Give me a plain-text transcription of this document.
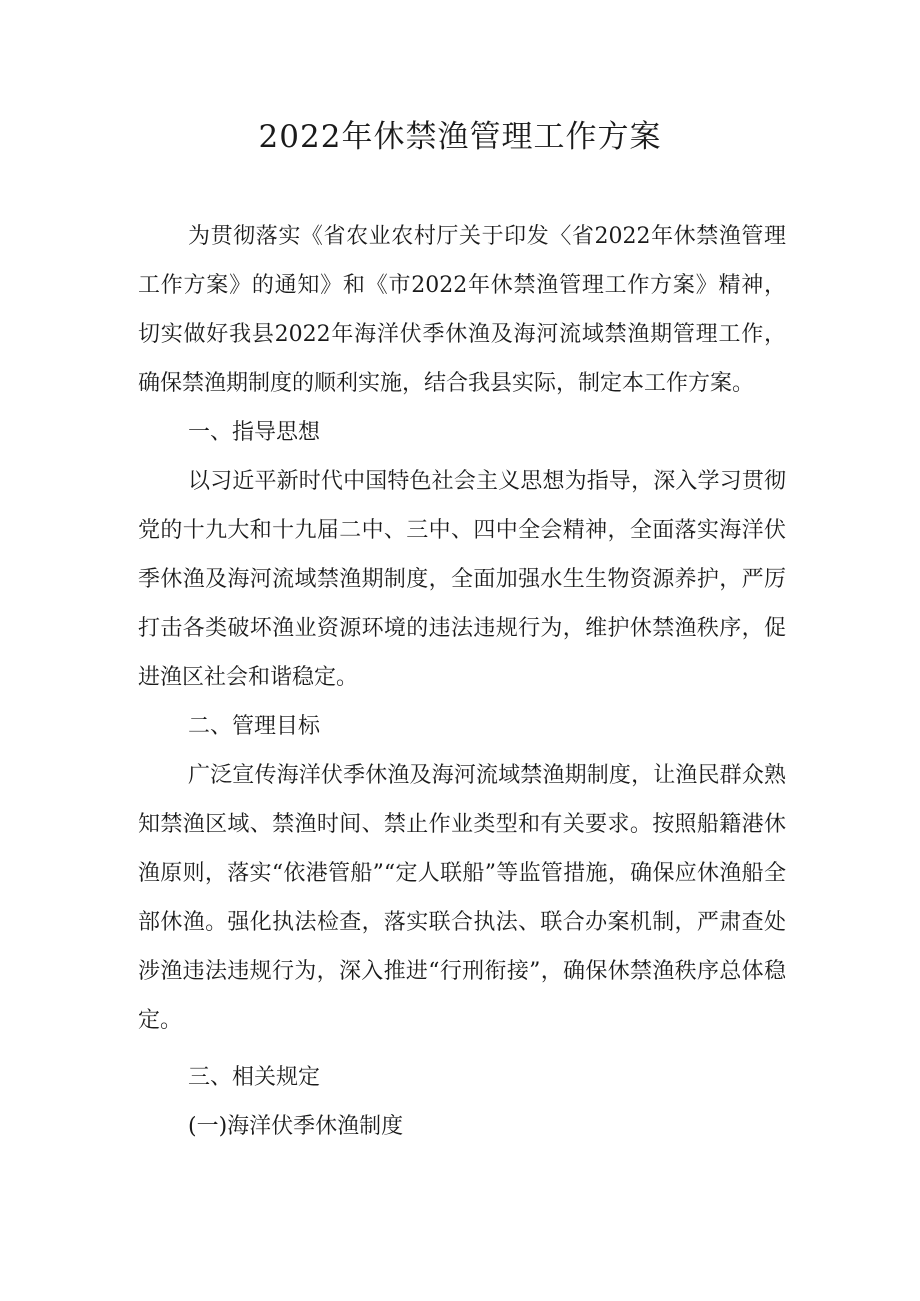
2022年休禁渔管理工作方案

为贯彻落实《省农业农村厅关于印发〈省2022年休禁渔管理工作方案》的通知》和《市2022年休禁渔管理工作方案》精神，切实做好我县2022年海洋伏季休渔及海河流域禁渔期管理工作，确保禁渔期制度的顺利实施，结合我县实际，制定本工作方案。

一、指导思想

以习近平新时代中国特色社会主义思想为指导，深入学习贯彻党的十九大和十九届二中、三中、四中全会精神，全面落实海洋伏季休渔及海河流域禁渔期制度，全面加强水生生物资源养护，严厉打击各类破坏渔业资源环境的违法违规行为，维护休禁渔秩序，促进渔区社会和谐稳定。

二、管理目标

广泛宣传海洋伏季休渔及海河流域禁渔期制度，让渔民群众熟知禁渔区域、禁渔时间、禁止作业类型和有关要求。按照船籍港休渔原则，落实“依港管船”“定人联船”等监管措施，确保应休渔船全部休渔。强化执法检查，落实联合执法、联合办案机制，严肃查处涉渔违法违规行为，深入推进“行刑衔接”，确保休禁渔秩序总体稳定。

三、相关规定

(一)海洋伏季休渔制度
